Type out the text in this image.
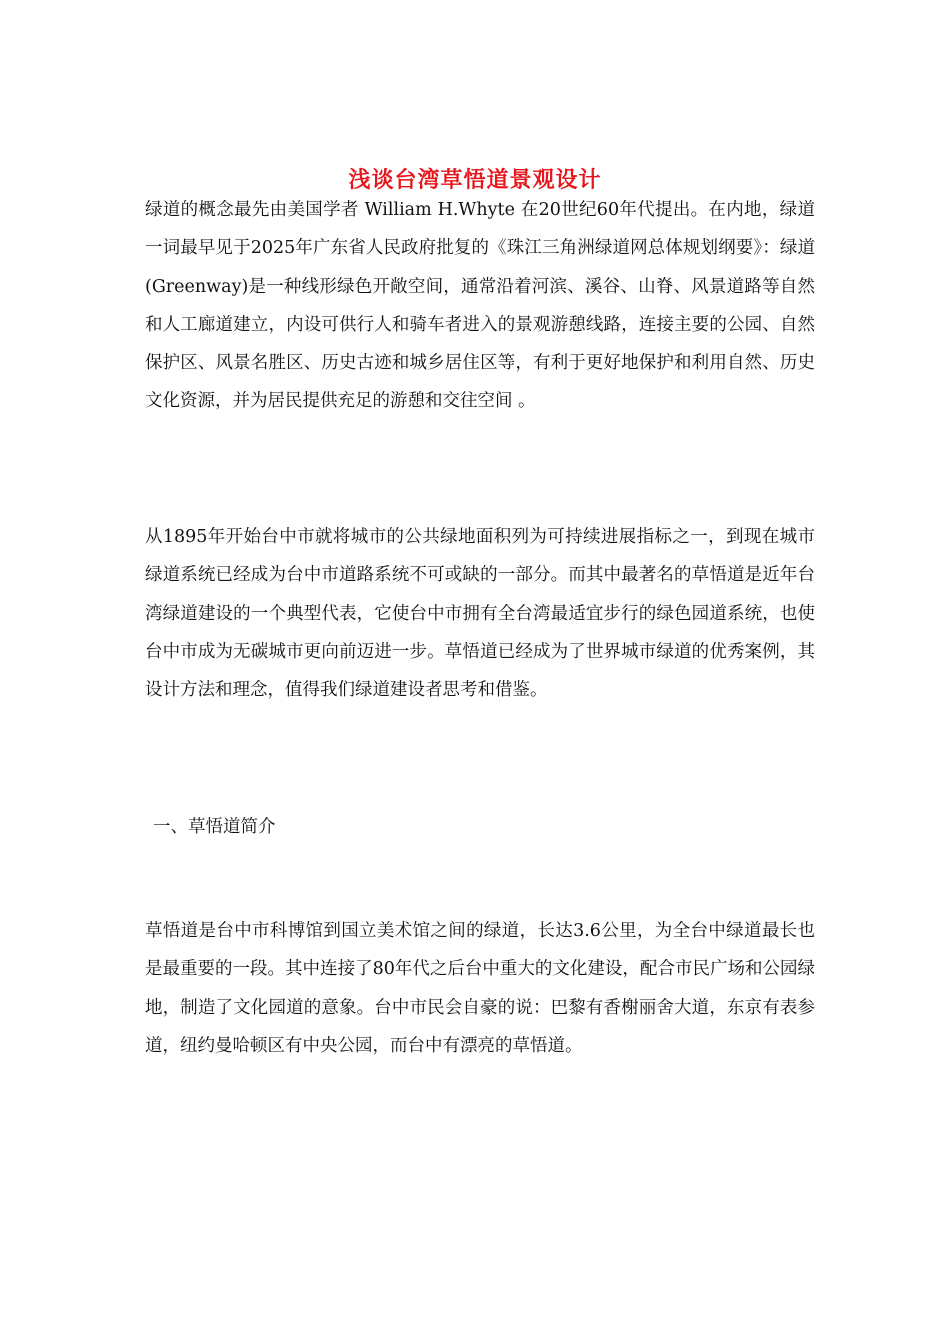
浅谈台湾草悟道景观设计

绿道的概念最先由美国学者 William H.Whyte 在20世纪60年代提出。在内地，绿道一词最早见于2025年广东省人民政府批复的《珠江三角洲绿道网总体规划纲要》：绿道(Greenway)是一种线形绿色开敞空间，通常沿着河滨、溪谷、山脊、风景道路等自然和人工廊道建立，内设可供行人和骑车者进入的景观游憩线路，连接主要的公园、自然保护区、风景名胜区、历史古迹和城乡居住区等，有利于更好地保护和利用自然、历史文化资源，并为居民提供充足的游憩和交往空间 。

从1895年开始台中市就将城市的公共绿地面积列为可持续进展指标之一，到现在城市绿道系统已经成为台中市道路系统不可或缺的一部分。而其中最著名的草悟道是近年台湾绿道建设的一个典型代表，它使台中市拥有全台湾最适宜步行的绿色园道系统，也使台中市成为无碳城市更向前迈进一步。草悟道已经成为了世界城市绿道的优秀案例，其设计方法和理念，值得我们绿道建设者思考和借鉴。

一、草悟道简介

草悟道是台中市科博馆到国立美术馆之间的绿道，长达3.6公里，为全台中绿道最长也是最重要的一段。其中连接了80年代之后台中重大的文化建设，配合市民广场和公园绿地，制造了文化园道的意象。台中市民会自豪的说：巴黎有香榭丽舍大道，东京有表参道，纽约曼哈顿区有中央公园，而台中有漂亮的草悟道。
